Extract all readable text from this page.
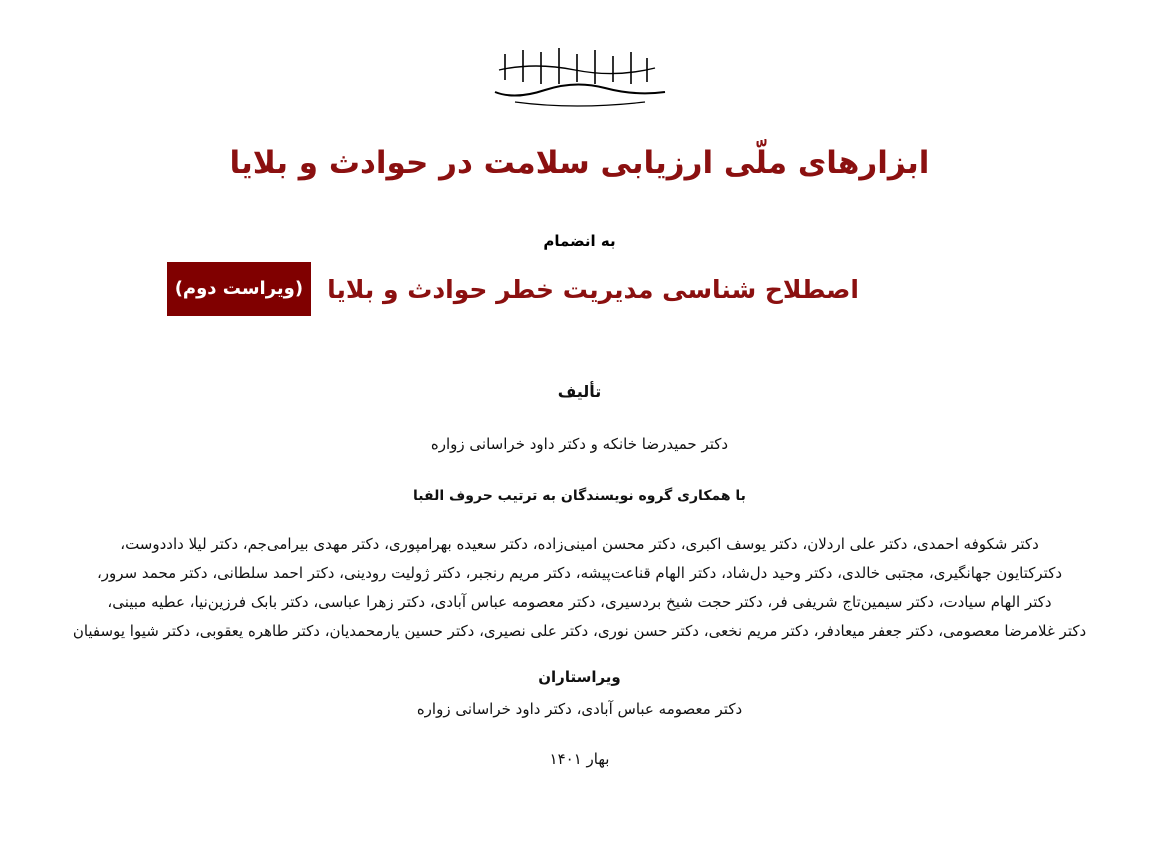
ابزارهای ملّی ارزیابی سلامت در حوادث و بلایا
به انضمام
اصطلاح شناسی مدیریت خطر حوادث و بلایا
(ویراست دوم)
تألیف
دکتر حمیدرضا خانکه و دکتر داود خراسانی زواره
با همکاری گروه نویسندگان به ترتیب حروف الفبا
دکتر شکوفه احمدی، دکتر علی اردلان، دکتر یوسف اکبری، دکتر محسن امینی‌زاده، دکتر سعیده بهرامپوری، دکتر مهدی بیرامی‌جم، دکتر لیلا داددوست،
دکترکتایون جهانگیری، مجتبی خالدی، دکتر وحید دل‌شاد، دکتر الهام قناعت‌پیشه، دکتر مریم رنجبر، دکتر ژولیت رودینی، دکتر احمد سلطانی، دکتر محمد سرور،
دکتر الهام سیادت، دکتر سیمین‌تاج شریفی فر، دکتر حجت شیخ بردسیری، دکتر معصومه عباس آبادی، دکتر زهرا عباسی، دکتر بابک فرزین‌نیا، عطیه مبینی،
دکتر غلامرضا معصومی، دکتر جعفر میعادفر، دکتر مریم نخعی، دکتر حسن نوری، دکتر علی نصیری، دکتر حسین یارمحمدیان، دکتر طاهره یعقوبی، دکتر شیوا یوسفیان
ویراستاران
دکتر معصومه عباس آبادی، دکتر داود خراسانی زواره
بهار ۱۴۰۱
